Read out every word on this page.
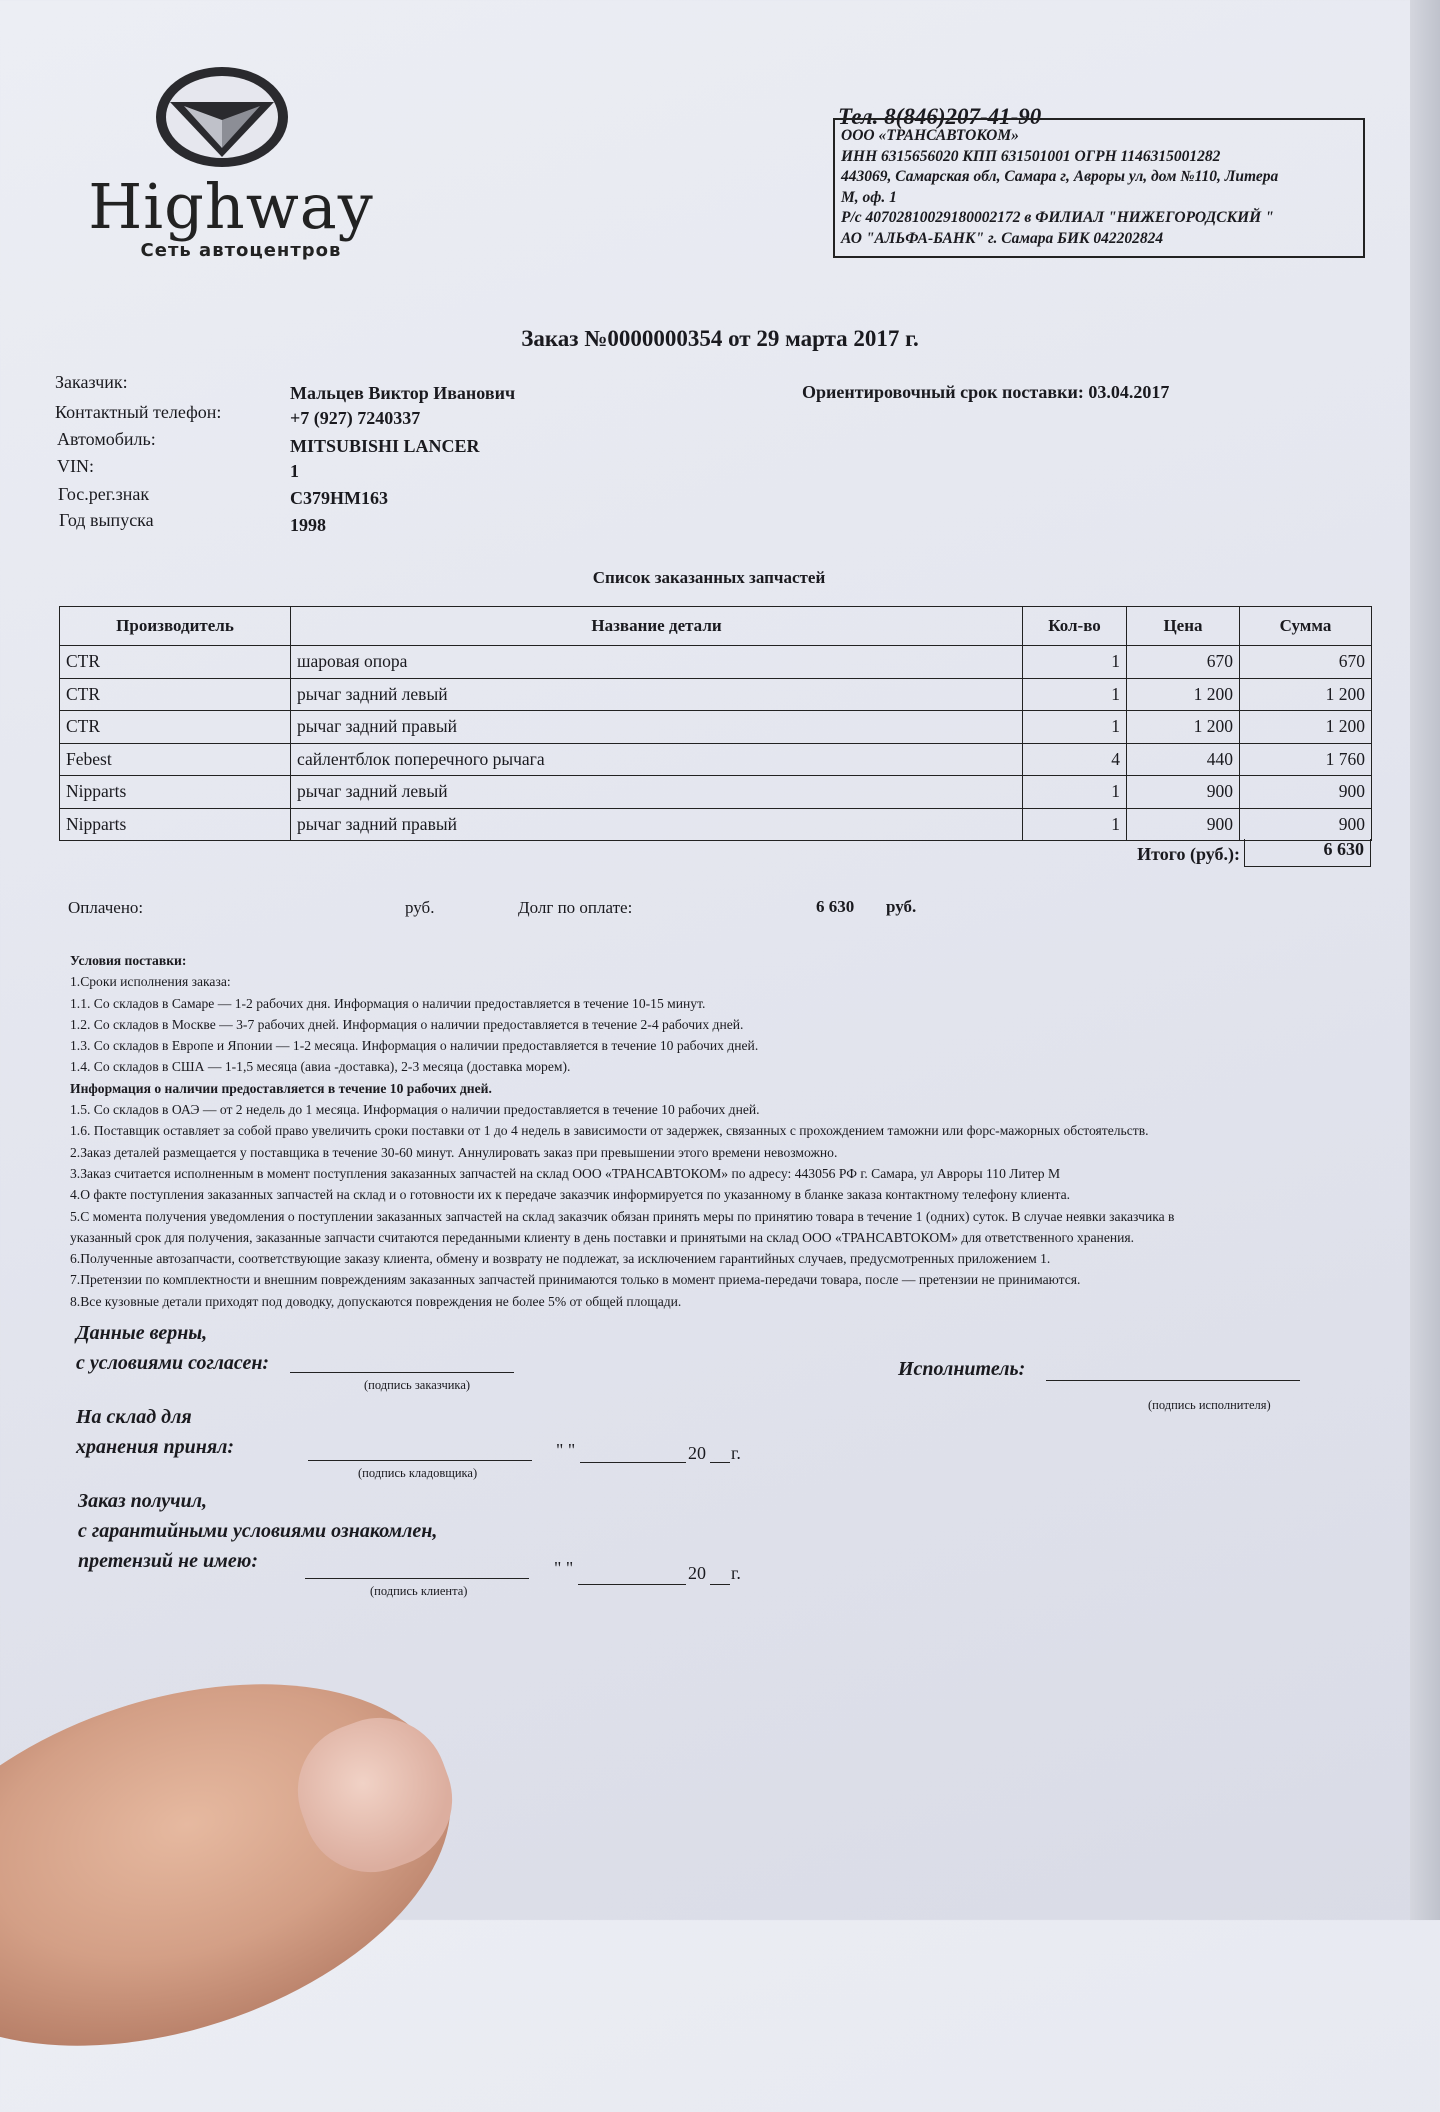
Highway
Сеть автоцентров
Тел. 8(846)207-41-90
ООО «ТРАНСАВТОКОМ»
ИНН 6315656020 КПП 631501001 ОГРН 1146315001282
443069, Самарская обл, Самара г, Авроры ул, дом №110, Литера
М, оф. 1
Р/с 40702810029180002172 в ФИЛИАЛ "НИЖЕГОРОДСКИЙ "
АО "АЛЬФА-БАНК" г. Самара БИК 042202824
Заказ №0000000354 от 29 марта 2017 г.
Заказчик:
Мальцев Виктор Иванович
Контактный телефон:	+7 (927) 7240337
Автомобиль:	MITSUBISHI LANCER
VIN:	1
Гос.рег.знак	С379НМ163
Год выпуска	1998
Ориентировочный срок поставки: 03.04.2017
Список заказанных запчастей
Производитель	Название детали	Кол-во	Цена	Сумма
CTR	шаровая опора	1	670	670
CTR	рычаг задний левый	1	1 200	1 200
CTR	рычаг задний правый	1	1 200	1 200
Febest	сайлентблок поперечного рычага	4	440	1 760
Nipparts	рычаг задний левый	1	900	900
Nipparts	рычаг задний правый	1	900	900
Итого (руб.):	6 630
Оплачено:	руб.	Долг по оплате:	6 630 руб.
Условия поставки:
1.Сроки исполнения заказа:
1.1. Со складов в Самаре — 1-2 рабочих дня. Информация о наличии предоставляется в течение 10-15 минут.
1.2. Со складов в Москве — 3-7 рабочих дней. Информация о наличии предоставляется в течение 2-4 рабочих дней.
1.3. Со складов в Европе и Японии — 1-2 месяца. Информация о наличии предоставляется в течение 10 рабочих дней.
1.4. Со складов в США — 1-1,5 месяца (авиа -доставка), 2-3 месяца (доставка морем).
Информация о наличии предоставляется в течение 10 рабочих дней.
1.5. Со складов в ОАЭ — от 2 недель до 1 месяца. Информация о наличии предоставляется в течение 10 рабочих дней.
1.6. Поставщик оставляет за собой право увеличить сроки поставки от 1 до 4 недель в зависимости от задержек, связанных с прохождением таможни или форс-мажорных обстоятельств.
2.Заказ деталей размещается у поставщика в течение 30-60 минут. Аннулировать заказ при превышении этого времени невозможно.
3.Заказ считается исполненным в момент поступления заказанных запчастей на склад ООО «ТРАНСАВТОКОМ» по адресу: 443056 РФ г. Самара, ул Авроры 110 Литер М
4.О факте поступления заказанных запчастей на склад и о готовности их к передаче заказчик информируется по указанному в бланке заказа контактному телефону клиента.
5.С момента получения уведомления о поступлении заказанных запчастей на склад заказчик обязан принять меры по принятию товара в течение 1 (одних) суток. В случае неявки заказчика в
указанный срок для получения, заказанные запчасти считаются переданными клиенту в день поставки и принятыми на склад ООО «ТРАНСАВТОКОМ» для ответственного хранения.
6.Полученные автозапчасти, соответствующие заказу клиента, обмену и возврату не подлежат, за исключением гарантийных случаев, предусмотренных приложением 1.
7.Претензии по комплектности и внешним повреждениям заказанных запчастей принимаются только в момент приема-передачи товара, после — претензии не принимаются.
8.Все кузовные детали приходят под доводку, допускаются повреждения не более 5% от общей площади.
Данные верны,
с условиями согласен:
(подпись заказчика)
Исполнитель:
(подпись исполнителя)
На склад для
хранения принял:
(подпись кладовщика)
" "	20 г.
Заказ получил,
с гарантийными условиями ознакомлен,
претензий не имею:
(подпись клиента)
" "	20 г.
